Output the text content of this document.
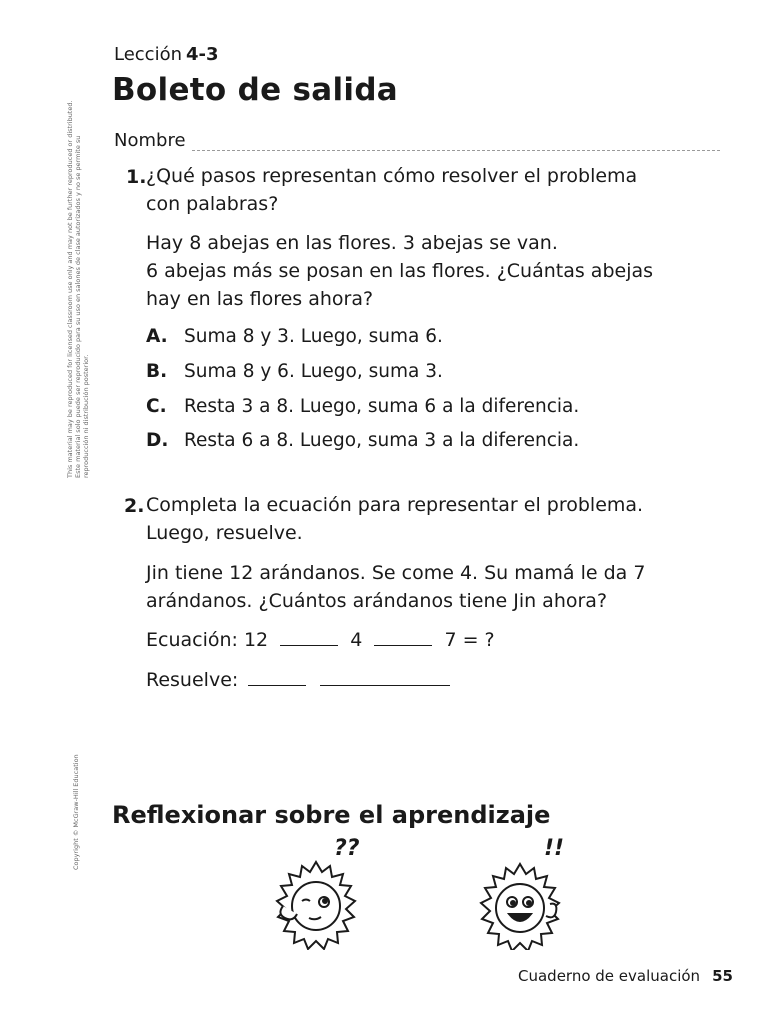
Lección 4-3
Boleto de salida
Nombre
This material may be reproduced for licensed classroom use only and may not be further reproduced or distributed. Este material solo puede ser reproducido para su uso en salones de clase autorizados y no se permite su reproducción ni distribución posterior.
Copyright © McGraw-Hill Education
1. ¿Qué pasos representan cómo resolver el problema
con palabras?
Hay 8 abejas en las flores. 3 abejas se van.
6 abejas más se posan en las flores. ¿Cuántas abejas
hay en las flores ahora?
A. Suma 8 y 3. Luego, suma 6.
B. Suma 8 y 6. Luego, suma 3.
C. Resta 3 a 8. Luego, suma 6 a la diferencia.
D. Resta 6 a 8. Luego, suma 3 a la diferencia.
2. Completa la ecuación para representar el problema.
Luego, resuelve.
Jin tiene 12 arándanos. Se come 4. Su mamá le da 7
arándanos. ¿Cuántos arándanos tiene Jin ahora?
Ecuación: 12	4	7 = ?
Resuelve:
Reflexionar sobre el aprendizaje
??	!!
Cuaderno de evaluación 55
